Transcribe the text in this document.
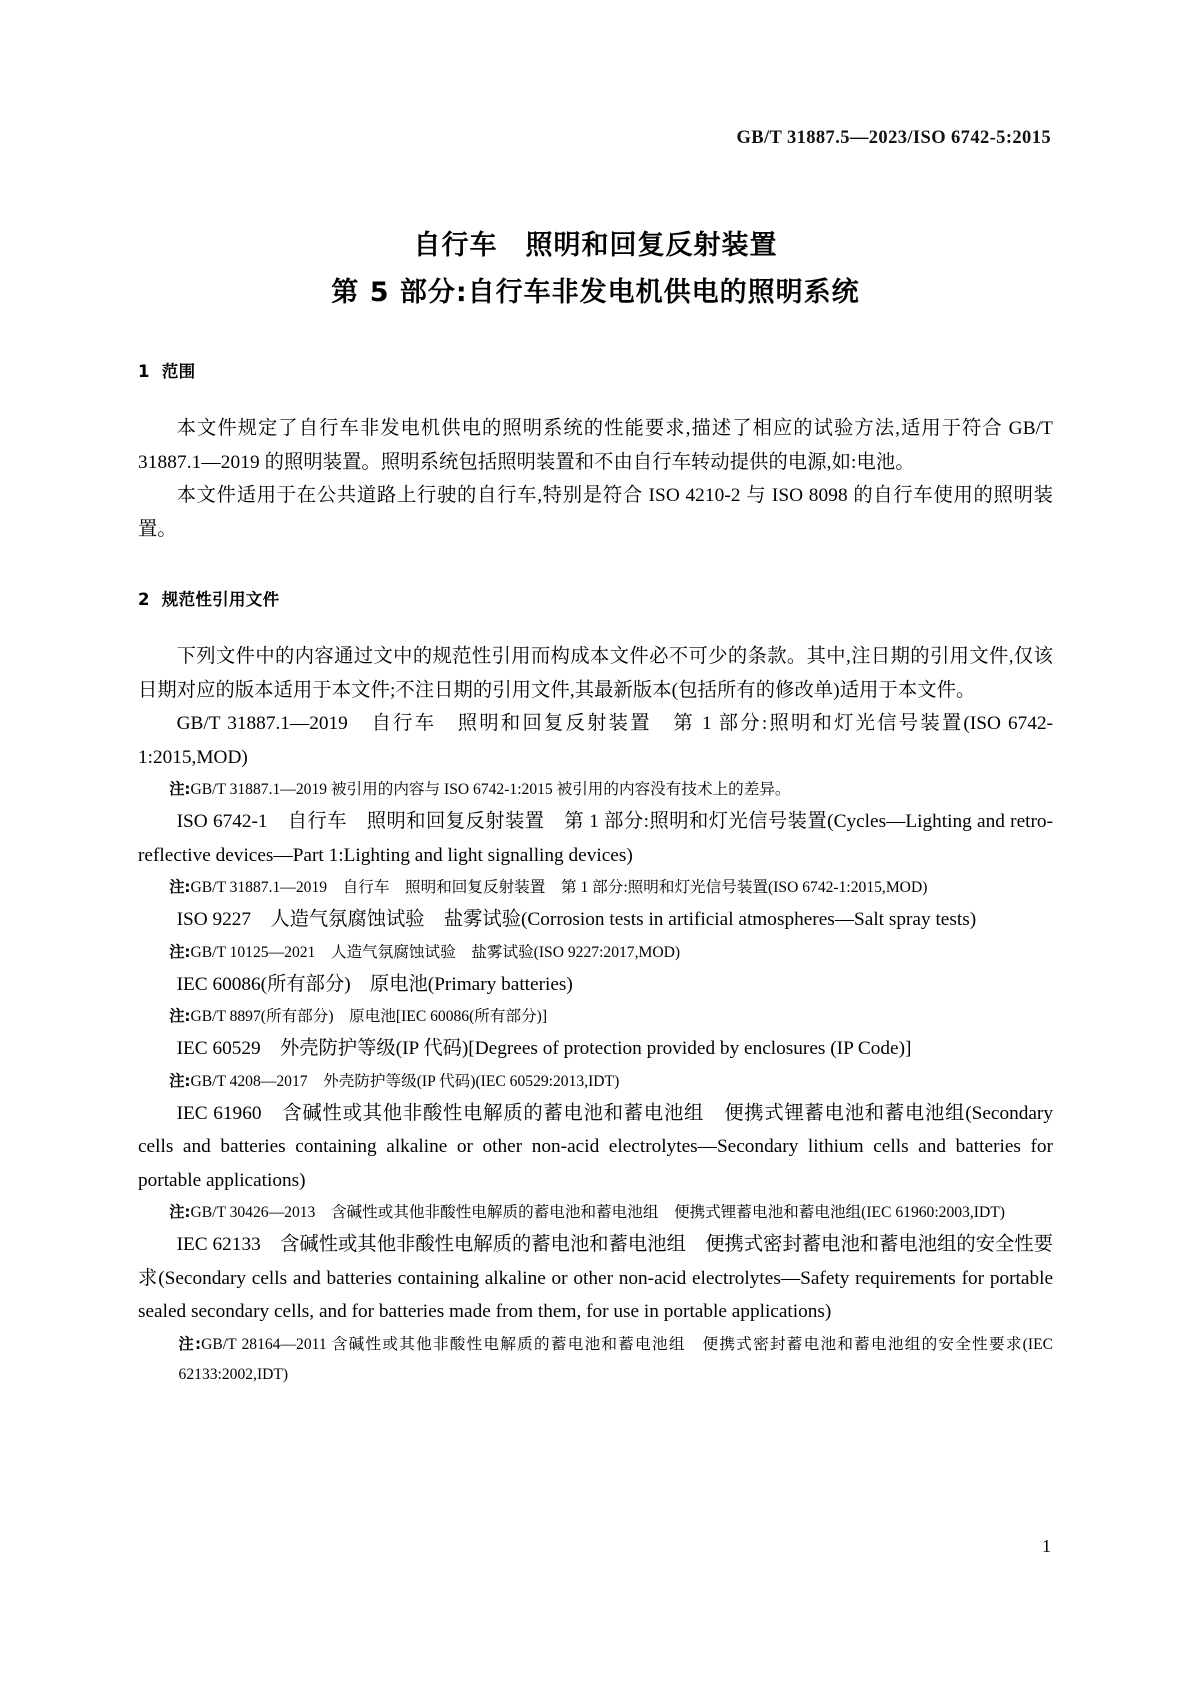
GB/T 31887.5—2023/ISO 6742-5:2015
自行车　照明和回复反射装置
第 5 部分:自行车非发电机供电的照明系统
1 范围

本文件规定了自行车非发电机供电的照明系统的性能要求,描述了相应的试验方法,适用于符合 GB/T 31887.1—2019 的照明装置。照明系统包括照明装置和不由自行车转动提供的电源,如:电池。

本文件适用于在公共道路上行驶的自行车,特别是符合 ISO 4210-2 与 ISO 8098 的自行车使用的照明装置。

2 规范性引用文件

下列文件中的内容通过文中的规范性引用而构成本文件必不可少的条款。其中,注日期的引用文件,仅该日期对应的版本适用于本文件;不注日期的引用文件,其最新版本(包括所有的修改单)适用于本文件。

GB/T 31887.1—2019　自行车　照明和回复反射装置　第 1 部分:照明和灯光信号装置(ISO 6742-1:2015,MOD)

注:GB/T 31887.1—2019 被引用的内容与 ISO 6742-1:2015 被引用的内容没有技术上的差异。

ISO 6742-1　自行车　照明和回复反射装置　第 1 部分:照明和灯光信号装置(Cycles—Lighting and retro-reflective devices—Part 1:Lighting and light signalling devices)

注:GB/T 31887.1—2019　自行车　照明和回复反射装置　第 1 部分:照明和灯光信号装置(ISO 6742-1:2015,MOD)

ISO 9227　人造气氛腐蚀试验　盐雾试验(Corrosion tests in artificial atmospheres—Salt spray tests)

注:GB/T 10125—2021　人造气氛腐蚀试验　盐雾试验(ISO 9227:2017,MOD)

IEC 60086(所有部分)　原电池(Primary batteries)

注:GB/T 8897(所有部分)　原电池[IEC 60086(所有部分)]

IEC 60529　外壳防护等级(IP 代码)[Degrees of protection provided by enclosures (IP Code)]

注:GB/T 4208—2017　外壳防护等级(IP 代码)(IEC 60529:2013,IDT)

IEC 61960　含碱性或其他非酸性电解质的蓄电池和蓄电池组　便携式锂蓄电池和蓄电池组(Secondary cells and batteries containing alkaline or other non-acid electrolytes—Secondary lithium cells and batteries for portable applications)

注:GB/T 30426—2013　含碱性或其他非酸性电解质的蓄电池和蓄电池组　便携式锂蓄电池和蓄电池组(IEC 61960:2003,IDT)

IEC 62133　含碱性或其他非酸性电解质的蓄电池和蓄电池组　便携式密封蓄电池和蓄电池组的安全性要求(Secondary cells and batteries containing alkaline or other non-acid electrolytes—Safety requirements for portable sealed secondary cells, and for batteries made from them, for use in portable applications)

注:GB/T 28164—2011 含碱性或其他非酸性电解质的蓄电池和蓄电池组　便携式密封蓄电池和蓄电池组的安全性要求(IEC 62133:2002,IDT)

1
